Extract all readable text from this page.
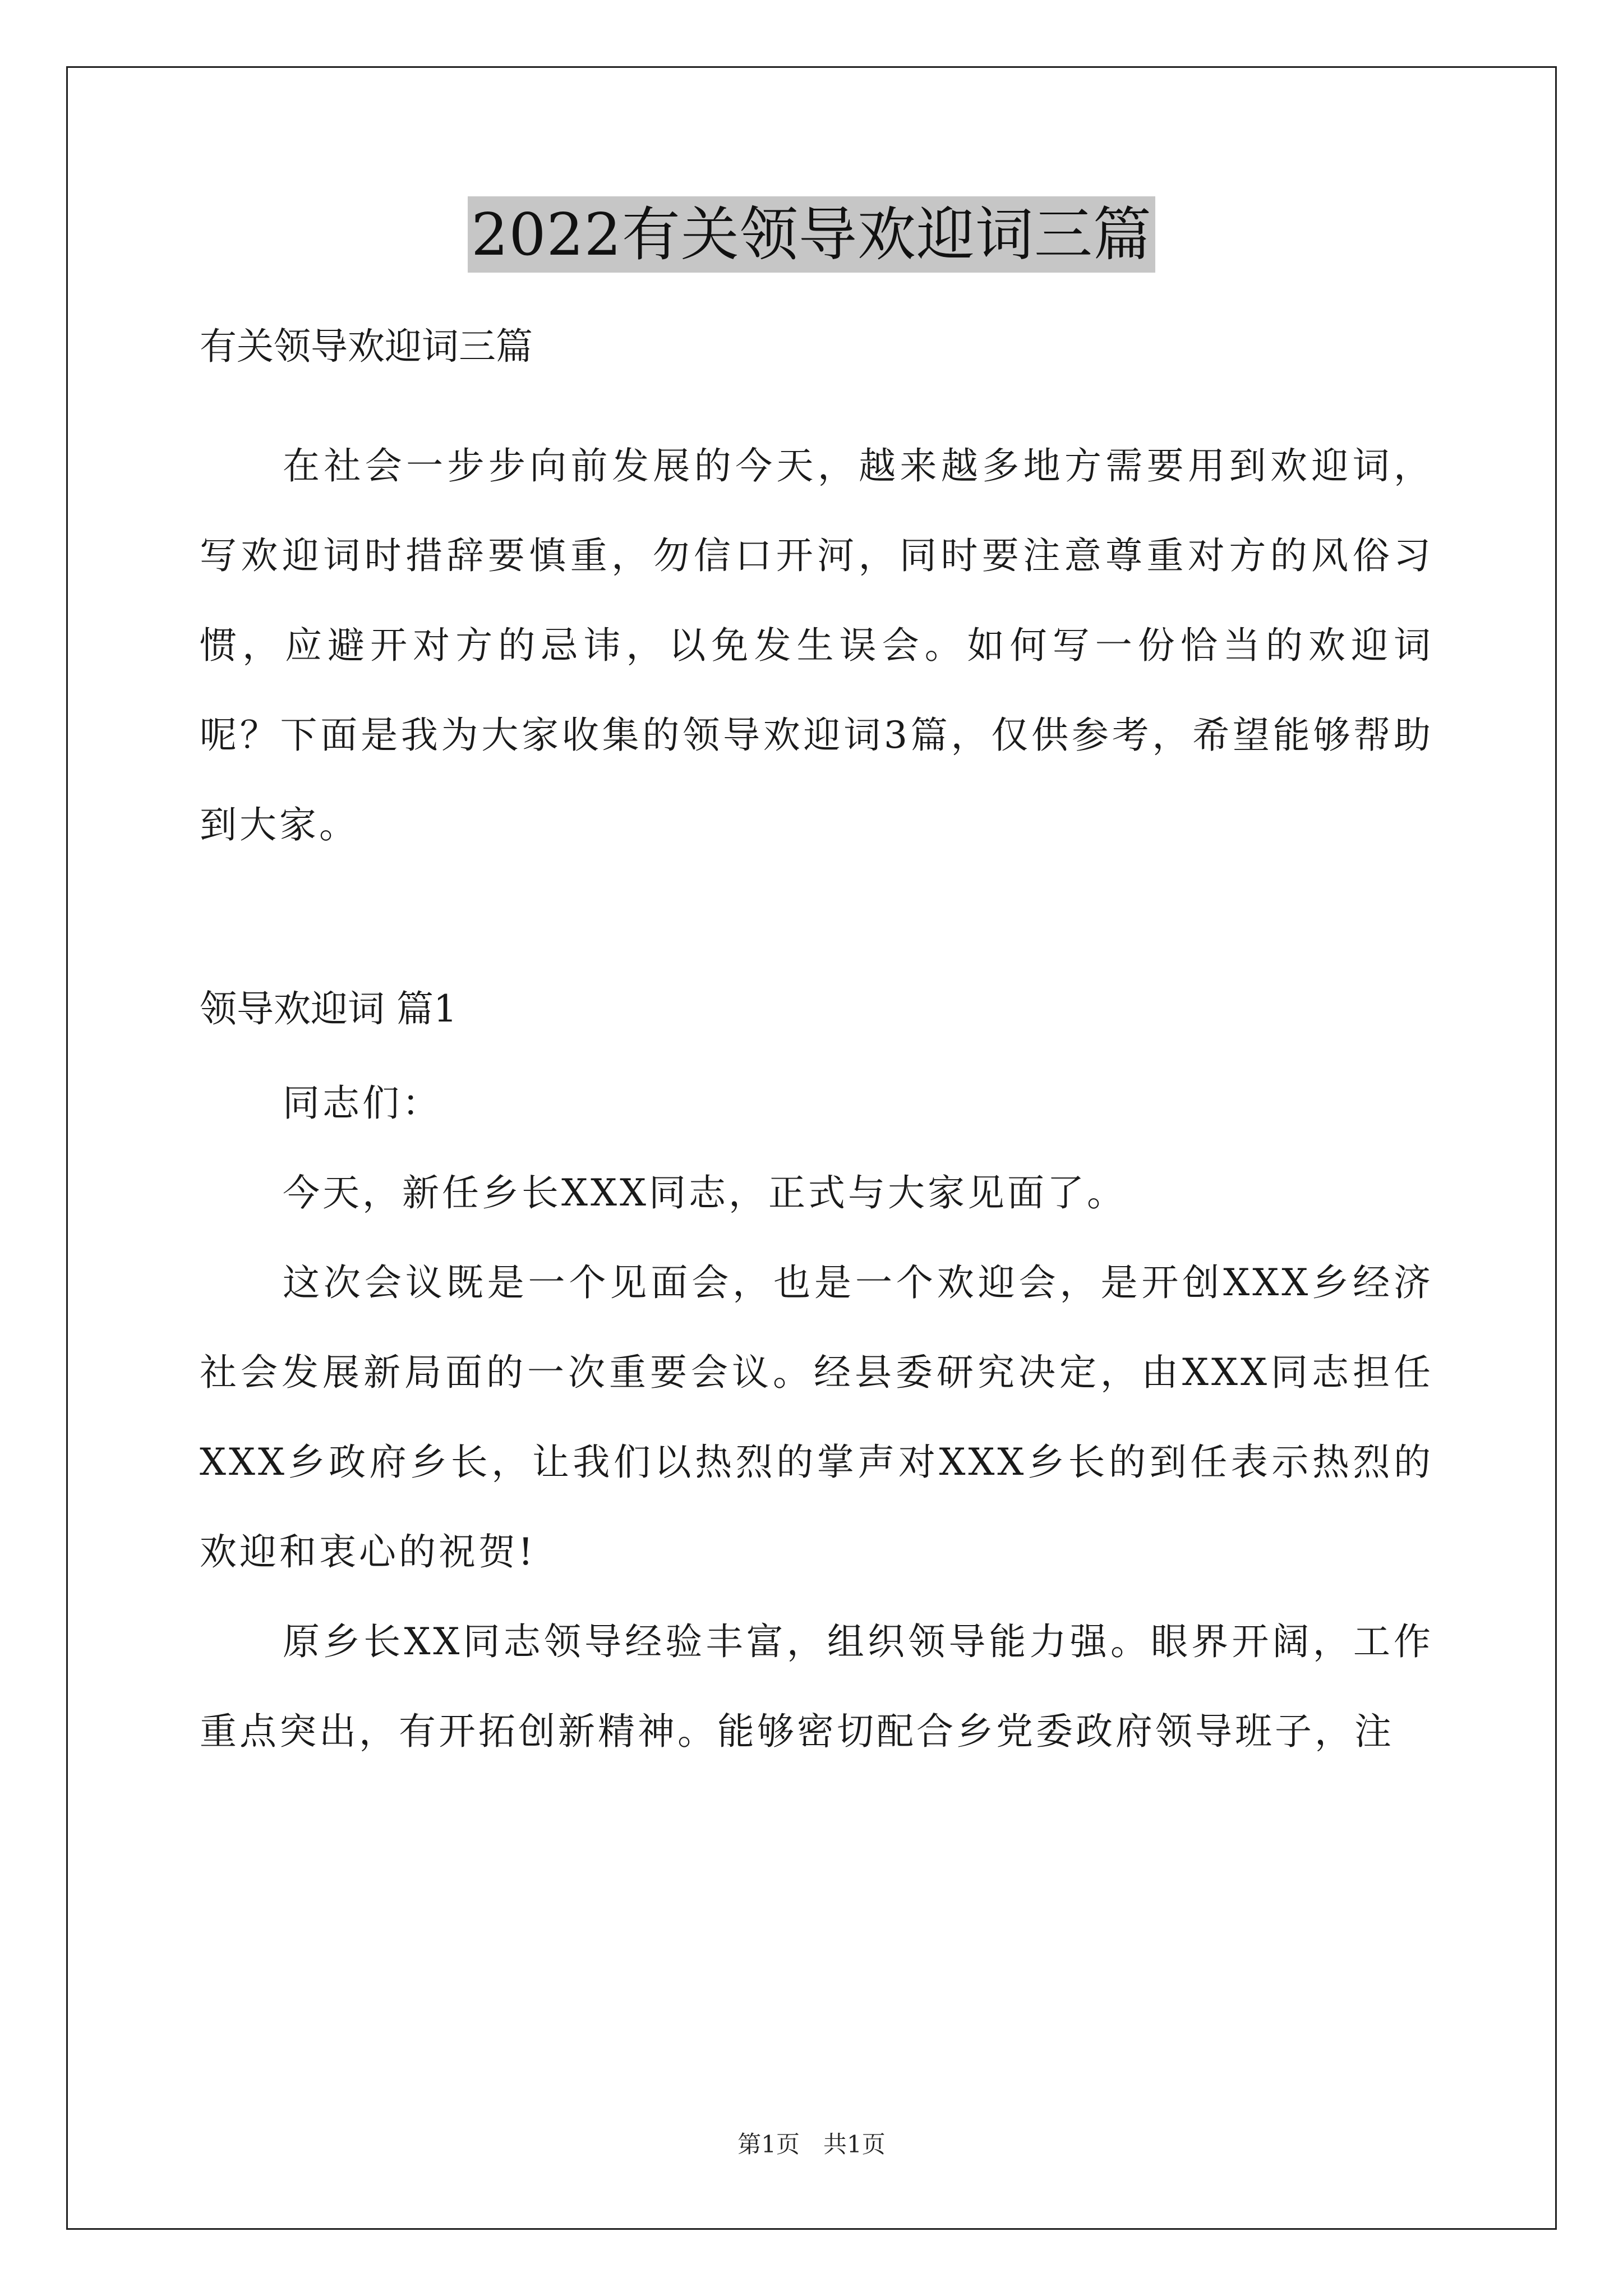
2022有关领导欢迎词三篇
有关领导欢迎词三篇

在社会一步步向前发展的今天，越来越多地方需要用到欢迎词，写欢迎词时措辞要慎重，勿信口开河，同时要注意尊重对方的风俗习惯，应避开对方的忌讳，以免发生误会。如何写一份恰当的欢迎词呢？下面是我为大家收集的领导欢迎词3篇，仅供参考，希望能够帮助到大家。

领导欢迎词 篇1

同志们：

今天，新任乡长XXX同志，正式与大家见面了。

这次会议既是一个见面会，也是一个欢迎会，是开创XXX乡经济社会发展新局面的一次重要会议。经县委研究决定，由XXX同志担任XXX乡政府乡长，让我们以热烈的掌声对XXX乡长的到任表示热烈的欢迎和衷心的祝贺!

原乡长XX同志领导经验丰富，组织领导能力强。眼界开阔，工作重点突出，有开拓创新精神。能够密切配合乡党委政府领导班子，注

第1页　共1页
